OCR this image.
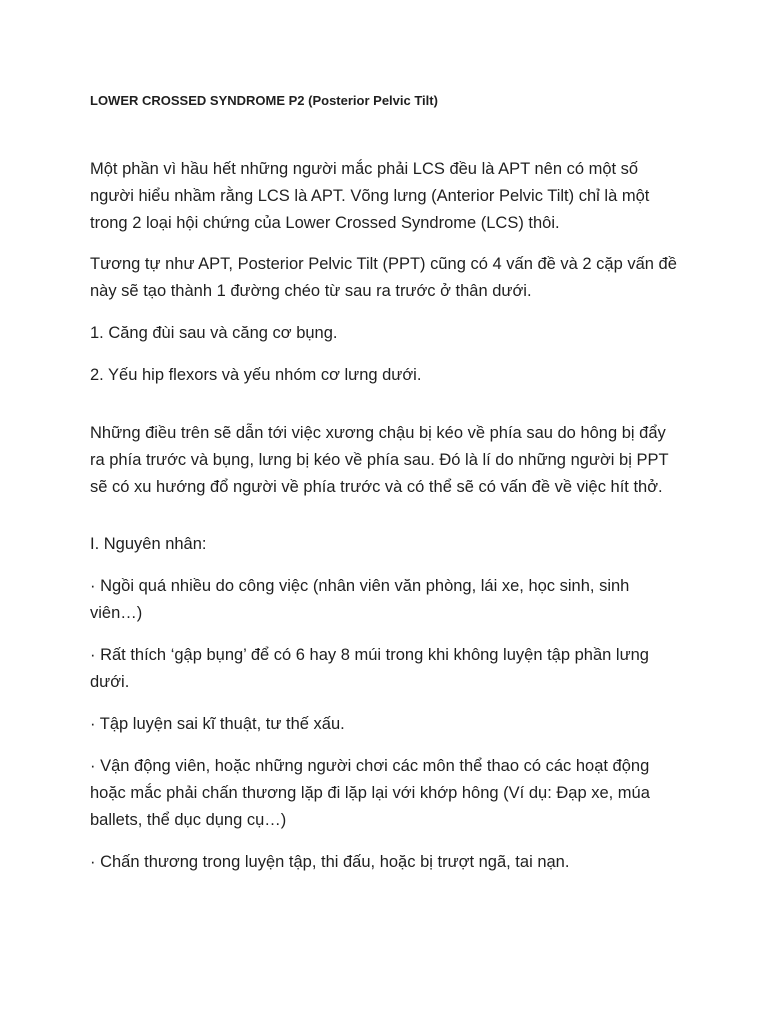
LOWER CROSSED SYNDROME P2 (Posterior Pelvic Tilt)
Một phần vì hầu hết những người mắc phải LCS đều là APT nên có một số
người hiểu nhầm rằng LCS là APT. Võng lưng (Anterior Pelvic Tilt) chỉ là một
trong 2 loại hội chứng của Lower Crossed Syndrome (LCS) thôi.
Tương tự như APT, Posterior Pelvic Tilt (PPT) cũng có 4 vấn đề và 2 cặp vấn đề
này sẽ tạo thành 1 đường chéo từ sau ra trước ở thân dưới.
1. Căng đùi sau và căng cơ bụng.
2. Yếu hip flexors và yếu nhóm cơ lưng dưới.
Những điều trên sẽ dẫn tới việc xương chậu bị kéo về phía sau do hông bị đẩy
ra phía trước và bụng, lưng bị kéo về phía sau. Đó là lí do những người bị PPT
sẽ có xu hướng đổ người về phía trước và có thể sẽ có vấn đề về việc hít thở.
I. Nguyên nhân:
· Ngồi quá nhiều do công việc (nhân viên văn phòng, lái xe, học sinh, sinh
viên…)
· Rất thích ‘gập bụng’ để có 6 hay 8 múi trong khi không luyện tập phần lưng
dưới.
· Tập luyện sai kĩ thuật, tư thế xấu.
· Vận động viên, hoặc những người chơi các môn thể thao có các hoạt động
hoặc mắc phải chấn thương lặp đi lặp lại với khớp hông (Ví dụ: Đạp xe, múa
ballets, thể dục dụng cụ…)
· Chấn thương trong luyện tập, thi đấu, hoặc bị trượt ngã, tai nạn.
